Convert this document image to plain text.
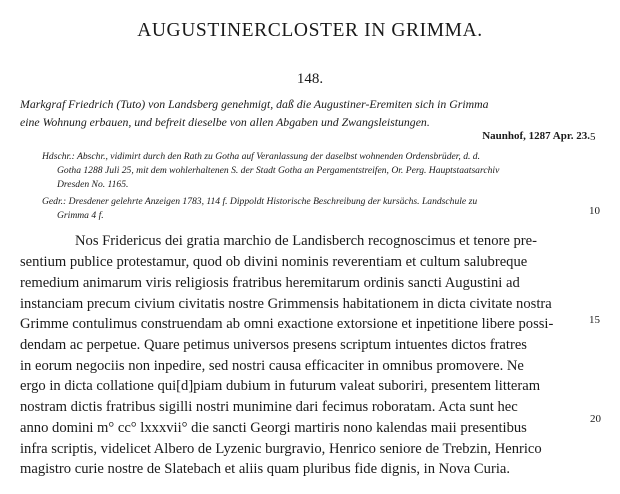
AUGUSTINERCLOSTER IN GRIMMA.
148.
Markgraf Friedrich (Tuto) von Landsberg genehmigt, daß die Augustiner-Eremiten sich in Grimma
eine Wohnung erbauen, und befreit dieselbe von allen Abgaben und Zwangsleistungen.
Naunhof, 1287 Apr. 23. 5
Hdschr.: Abschr., vidimirt durch den Rath zu Gotha auf Veranlassung der daselbst wohnenden Ordensbrüder, d. d.
Gotha 1288 Juli 25, mit dem wohlerhaltenen S. der Stadt Gotha an Pergamentstreifen, Or. Perg. Hauptstaatsarchiv
Dresden No. 1165.
Gedr.: Dresdener gelehrte Anzeigen 1783, 114 f. Dippoldt Historische Beschreibung der kursächs. Landschule zu
Grimma 4 f.	10
Nos Fridericus dei gratia marchio de Landisberch recognoscimus et tenore pre-
sentium publice protestamur, quod ob divini nominis reverentiam et cultum salubreque
remedium animarum viris religiosis fratribus heremitarum ordinis sancti Augustini ad
instanciam precum civium civitatis nostre Grimmensis habitationem in dicta civitate nostra
Grimme contulimus construendam ab omni exactione extorsione et inpetitione libere possi-
dendam ac perpetue. Quare petimus universos presens scriptum intuentes dictos fratres
in eorum negociis non inpedire, sed nostri causa efficaciter in omnibus promovere. Ne
ergo in dicta collatione qui[d]piam dubium in futurum valeat suboriri, presentem litteram
nostram dictis fratribus sigilli nostri munimine dari fecimus roboratam. Acta sunt hec
anno domini m° cc° lxxxvii° die sancti Georgi martiris nono kalendas maii presentibus
infra scriptis, videlicet Albero de Lyzenic burgravio, Henrico seniore de Trebzin, Henrico
magistro curie nostre de Slatebach et aliis quam pluribus fide dignis, in Nova Curia.
15
20
